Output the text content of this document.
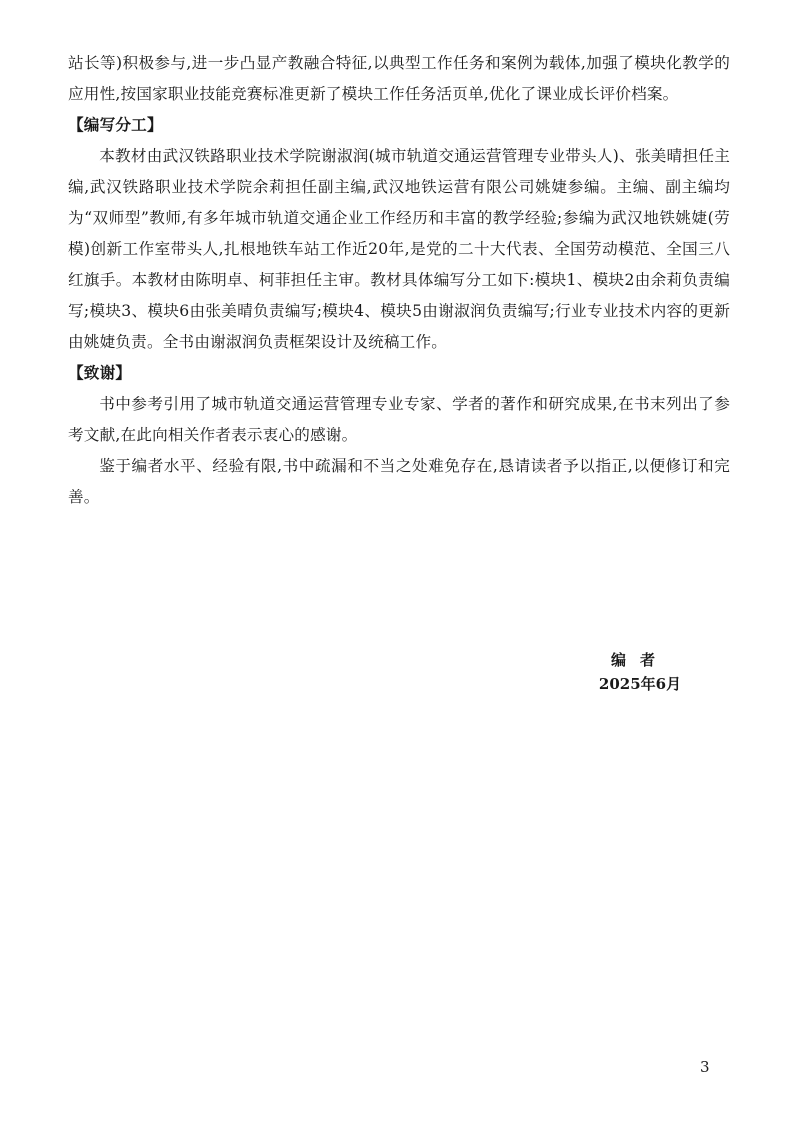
站长等)积极参与,进一步凸显产教融合特征,以典型工作任务和案例为载体,加强了模块化教学的应用性,按国家职业技能竞赛标准更新了模块工作任务活页单,优化了课业成长评价档案。

【编写分工】

本教材由武汉铁路职业技术学院谢淑润(城市轨道交通运营管理专业带头人)、张美晴担任主编,武汉铁路职业技术学院余莉担任副主编,武汉地铁运营有限公司姚婕参编。主编、副主编均为“双师型”教师,有多年城市轨道交通企业工作经历和丰富的教学经验;参编为武汉地铁姚婕(劳模)创新工作室带头人,扎根地铁车站工作近20年,是党的二十大代表、全国劳动模范、全国三八红旗手。本教材由陈明卓、柯菲担任主审。教材具体编写分工如下:模块1、模块2由余莉负责编写;模块3、模块6由张美晴负责编写;模块4、模块5由谢淑润负责编写;行业专业技术内容的更新由姚婕负责。全书由谢淑润负责框架设计及统稿工作。

【致谢】

书中参考引用了城市轨道交通运营管理专业专家、学者的著作和研究成果,在书末列出了参考文献,在此向相关作者表示衷心的感谢。

鉴于编者水平、经验有限,书中疏漏和不当之处难免存在,恳请读者予以指正,以便修订和完善。

编者
2025年6月
3
